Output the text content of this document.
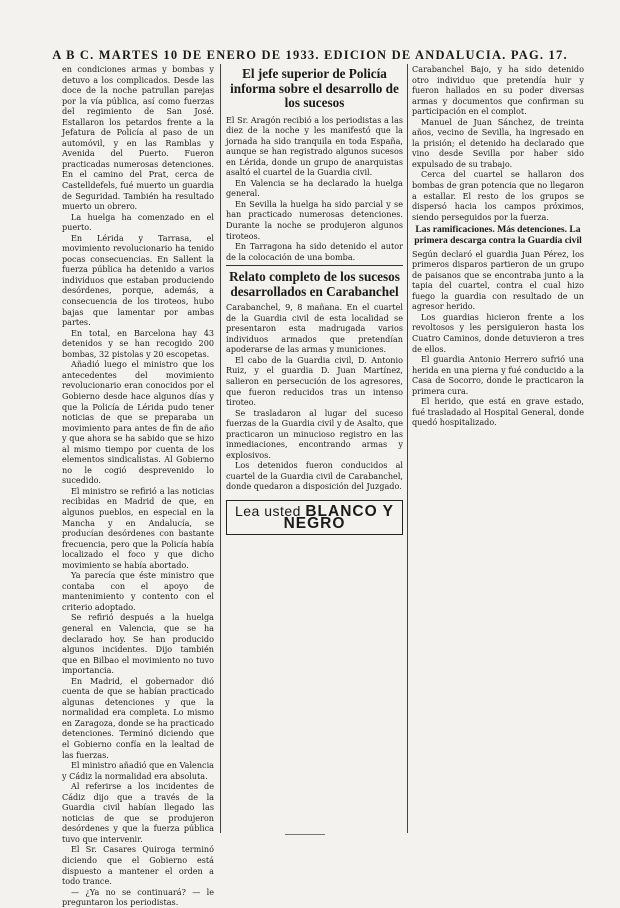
A B C. MARTES 10 DE ENERO DE 1933. EDICION DE ANDALUCIA. PAG. 17.

en condiciones armas y bombas y detuvo a los complicados. Desde las doce de la noche patrullan parejas por la vía pública, así como fuerzas del regimiento de San José. Estallaron los petardos frente a la Jefatura de Policía al paso de un automóvil, y en las Ramblas y Avenida del Puerto. Fueron practicadas numerosas detenciones. En el camino del Prat, cerca de Castelldefels, fué muerto un guardia de Seguridad. También ha resultado muerto un obrero.

La huelga ha comenzado en el puerto.

En Lérida y Tarrasa, el movimiento revolucionario ha tenido pocas consecuencias. En Sallent la fuerza pública ha detenido a varios individuos que estaban produciendo desórdenes, porque, además, a consecuencia de los tiroteos, hubo bajas que lamentar por ambas partes.

En total, en Barcelona hay 43 detenidos y se han recogido 200 bombas, 32 pistolas y 20 escopetas.

Añadió luego el ministro que los antecedentes del movimiento revolucionario eran conocidos por el Gobierno desde hace algunos días y que la Policía de Lérida pudo tener noticias de que se preparaba un movimiento para antes de fin de año y que ahora se ha sabido que se hizo al mismo tiempo por cuenta de los elementos sindicalistas. Al Gobierno no le cogió desprevenido lo sucedido.

El ministro se refirió a las noticias recibidas en Madrid de que, en algunos pueblos, en especial en la Mancha y en Andalucía, se producían desórdenes con bastante frecuencia, pero que la Policía había localizado el foco y que dicho movimiento se había abortado.

Ya parecía que éste ministro que contaba con el apoyo de mantenimiento y contento con el criterio adoptado.

Se refirió después a la huelga general en Valencia, que se ha declarado hoy. Se han producido algunos incidentes. Dijo también que en Bilbao el movimiento no tuvo importancia.

En Madrid, el gobernador dió cuenta de que se habían practicado algunas detenciones y que la normalidad era completa. Lo mismo en Zaragoza, donde se ha practicado detenciones. Terminó diciendo que el Gobierno confía en la lealtad de las fuerzas.

El ministro añadió que en Valencia y Cádiz la normalidad era absoluta.

Al referirse a los incidentes de Cádiz dijo que a través de la Guardia civil habían llegado las noticias de que se produjeron desórdenes y que la fuerza pública tuvo que intervenir.

El Sr. Casares Quiroga terminó diciendo que el Gobierno está dispuesto a mantener el orden a todo trance.

— ¿Ya no se continuará? — le preguntaron los periodistas.

El jefe superior de Policía informa sobre el desarrollo de los sucesos

El Sr. Aragón recibió a los periodistas a las diez de la noche y les manifestó que la jornada ha sido tranquila en toda España, aunque se han registrado algunos sucesos en Lérida, donde un grupo de anarquistas asaltó el cuartel de la Guardia civil.

En Valencia se ha declarado la huelga general.

En Sevilla la huelga ha sido parcial y se han practicado numerosas detenciones. Durante la noche se produjeron algunos tiroteos.

En Tarragona ha sido detenido el autor de la colocación de una bomba.

Relato completo de los sucesos desarrollados en Carabanchel

Carabanchel, 9, 8 mañana. En el cuartel de la Guardia civil de esta localidad se presentaron esta madrugada varios individuos armados que pretendían apoderarse de las armas y municiones.

El cabo de la Guardia civil, D. Antonio Ruiz, y el guardia D. Juan Martínez, salieron en persecución de los agresores, que fueron reducidos tras un intenso tiroteo.

Se trasladaron al lugar del suceso fuerzas de la Guardia civil y de Asalto, que practicaron un minucioso registro en las inmediaciones, encontrando armas y explosivos.

Los detenidos fueron conducidos al cuartel de la Guardia civil de Carabanchel, donde quedaron a disposición del Juzgado.

Lea usted BLANCO Y NEGRO

Carabanchel Bajo, y ha sido detenido otro individuo que pretendía huir y fueron hallados en su poder diversas armas y documentos que confirman su participación en el complot.

Manuel de Juan Sánchez, de treinta años, vecino de Sevilla, ha ingresado en la prisión; el detenido ha declarado que vino desde Sevilla por haber sido expulsado de su trabajo.

Cerca del cuartel se hallaron dos bombas de gran potencia que no llegaron a estallar. El resto de los grupos se dispersó hacia los campos próximos, siendo perseguidos por la fuerza.

Las ramificaciones. Más detenciones. La primera descarga contra la Guardia civil

Según declaró el guardia Juan Pérez, los primeros disparos partieron de un grupo de paisanos que se encontraba junto a la tapia del cuartel, contra el cual hizo fuego la guardia con resultado de un agresor herido.

Los guardias hicieron frente a los revoltosos y les persiguieron hasta los Cuatro Caminos, donde detuvieron a tres de ellos.

El guardia Antonio Herrero sufrió una herida en una pierna y fué conducido a la Casa de Socorro, donde le practicaron la primera cura.

El herido, que está en grave estado, fué trasladado al Hospital General, donde quedó hospitalizado.
